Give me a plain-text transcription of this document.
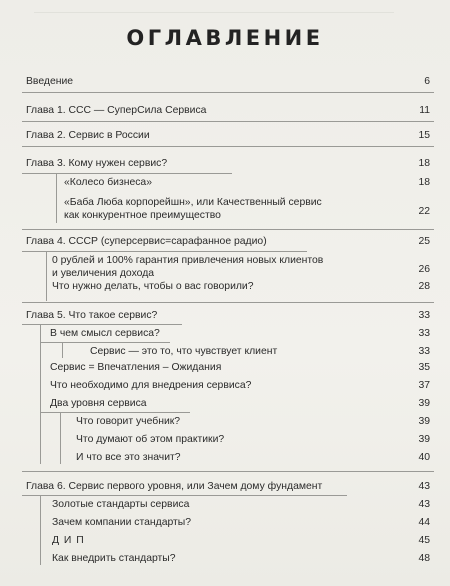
ОГЛАВЛЕНИЕ
Введение	6
Глава 1. ССС — СуперСила Сервиса	11
Глава 2. Сервис в России	15
Глава 3. Кому нужен сервис?	18
«Колесо бизнеса»	18
«Баба Люба корпорейшн», или Качественный сервис
как конкурентное преимущество	22
Глава 4. СССР (суперсервис=сарафанное радио)	25
0 рублей и 100% гарантия привлечения новых клиентов
и увеличения дохода	26
Что нужно делать, чтобы о вас говорили?	28
Глава 5. Что такое сервис?	33
В чем смысл сервиса?	33
Сервис — это то, что чувствует клиент	33
Сервис = Впечатления – Ожидания	35
Что необходимо для внедрения сервиса?	37
Два уровня сервиса	39
Что говорит учебник?	39
Что думают об этом практики?	39
И что все это значит?	40
Глава 6. Сервис первого уровня, или Зачем дому фундамент	43
Золотые стандарты сервиса	43
Зачем компании стандарты?	44
Д И П	45
Как внедрить стандарты?	48
